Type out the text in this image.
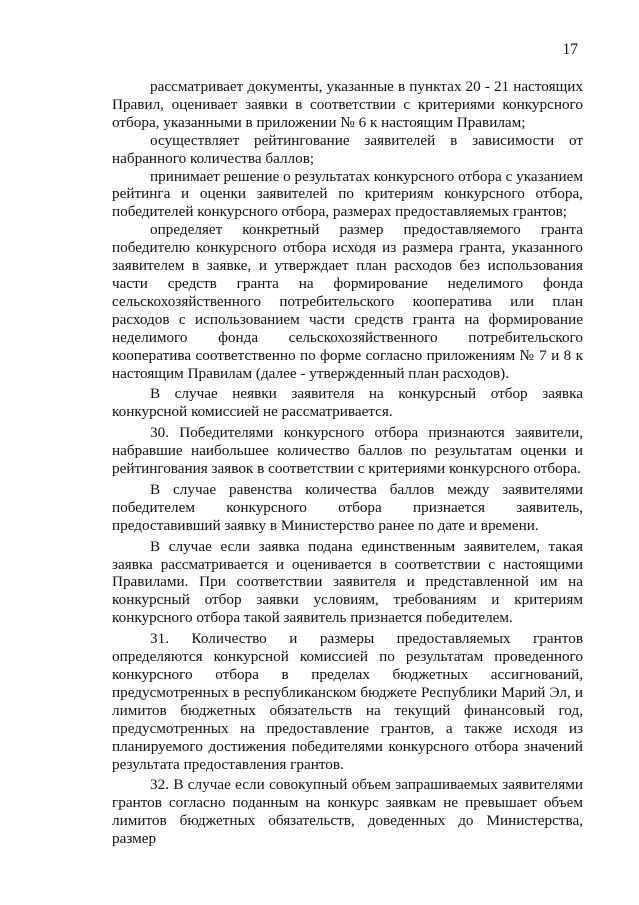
17

рассматривает документы, указанные в пунктах 20 - 21 настоящих Правил, оценивает заявки в соответствии с критериями конкурсного отбора, указанными в приложении № 6 к настоящим Правилам;

осуществляет рейтингование заявителей в зависимости от набранного количества баллов;

принимает решение о результатах конкурсного отбора с указанием рейтинга и оценки заявителей по критериям конкурсного отбора, победителей конкурсного отбора, размерах предоставляемых грантов;

определяет конкретный размер предоставляемого гранта победителю конкурсного отбора исходя из размера гранта, указанного заявителем в заявке, и утверждает план расходов без использования части средств гранта на формирование неделимого фонда сельскохозяйственного потребительского кооператива или план расходов с использованием части средств гранта на формирование неделимого фонда сельскохозяйственного потребительского кооператива соответственно по форме согласно приложениям № 7 и 8 к настоящим Правилам (далее - утвержденный план расходов).

В случае неявки заявителя на конкурсный отбор заявка конкурсной комиссией не рассматривается.

30. Победителями конкурсного отбора признаются заявители, набравшие наибольшее количество баллов по результатам оценки и рейтингования заявок в соответствии с критериями конкурсного отбора.

В случае равенства количества баллов между заявителями победителем конкурсного отбора признается заявитель, предоставивший заявку в Министерство ранее по дате и времени.

В случае если заявка подана единственным заявителем, такая заявка рассматривается и оценивается в соответствии с настоящими Правилами. При соответствии заявителя и представленной им на конкурсный отбор заявки условиям, требованиям и критериям конкурсного отбора такой заявитель признается победителем.

31. Количество и размеры предоставляемых грантов определяются конкурсной комиссией по результатам проведенного конкурсного отбора в пределах бюджетных ассигнований, предусмотренных в республиканском бюджете Республики Марий Эл, и лимитов бюджетных обязательств на текущий финансовый год, предусмотренных на предоставление грантов, а также исходя из планируемого достижения победителями конкурсного отбора значений результата предоставления грантов.

32. В случае если совокупный объем запрашиваемых заявителями грантов согласно поданным на конкурс заявкам не превышает объем лимитов бюджетных обязательств, доведенных до Министерства, размер
